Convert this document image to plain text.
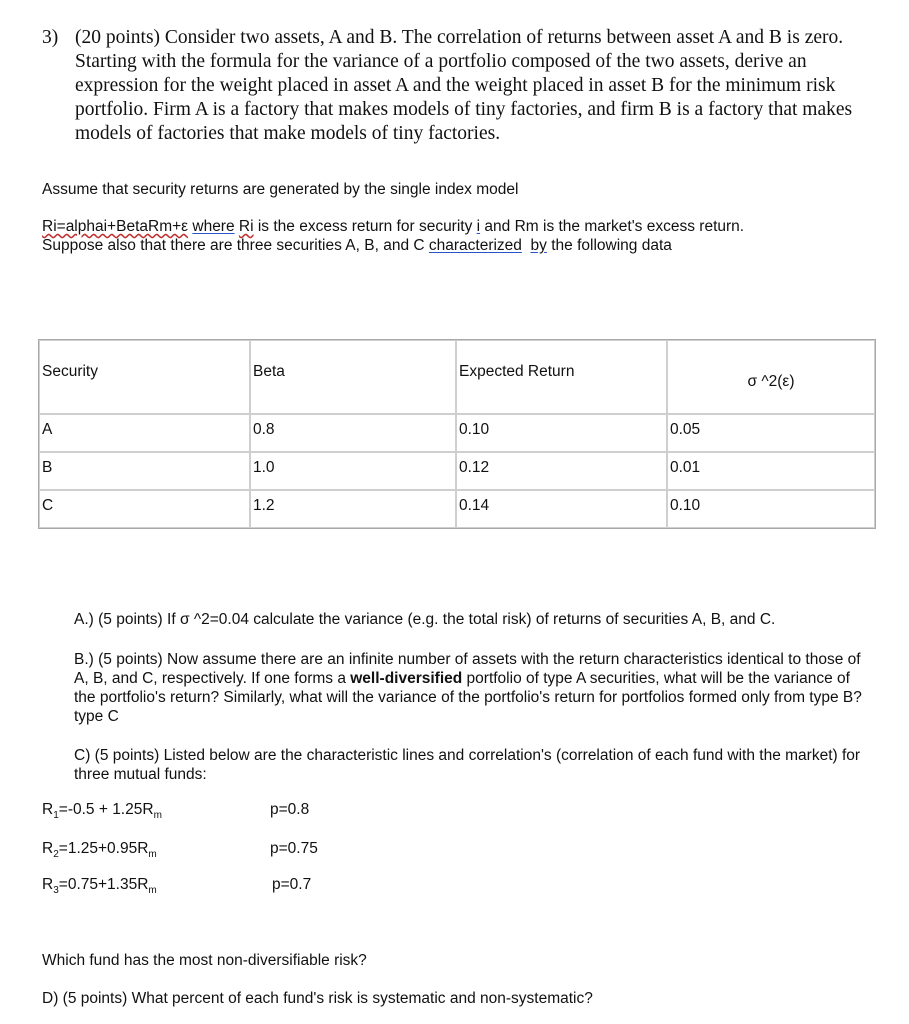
3) (20 points) Consider two assets, A and B. The correlation of returns between asset A and B is zero. Starting with the formula for the variance of a portfolio composed of the two assets, derive an expression for the weight placed in asset A and the weight placed in asset B for the minimum risk portfolio. Firm A is a factory that makes models of tiny factories, and firm B is a factory that makes models of factories that make models of tiny factories.
Assume that security returns are generated by the single index model
Ri=alphai+BetaRm+ε where Ri is the excess return for security i and Rm is the market's excess return.
Suppose also that there are three securities A, B, and C characterized by the following data
Security	Beta	Expected Return	σ ^2(ε)
A	0.8	0.10	0.05
B	1.0	0.12	0.01
C	1.2	0.14	0.10
A.) (5 points) If σ ^2=0.04 calculate the variance (e.g. the total risk) of returns of securities A, B, and C.
B.) (5 points) Now assume there are an infinite number of assets with the return characteristics identical to those of A, B, and C, respectively. If one forms a well-diversified portfolio of type A securities, what will be the variance of the portfolio's return? Similarly, what will the variance of the portfolio's return for portfolios formed only from type B? type C
C) (5 points) Listed below are the characteristic lines and correlation's (correlation of each fund with the market) for three mutual funds:
$R_1=-0.5 + 1.25R_m$	p=0.8
$R_2=1.25+0.95R_m$	p=0.75
$R_3=0.75+1.35R_m$	p=0.7
Which fund has the most non-diversifiable risk?
D) (5 points) What percent of each fund's risk is systematic and non-systematic?
